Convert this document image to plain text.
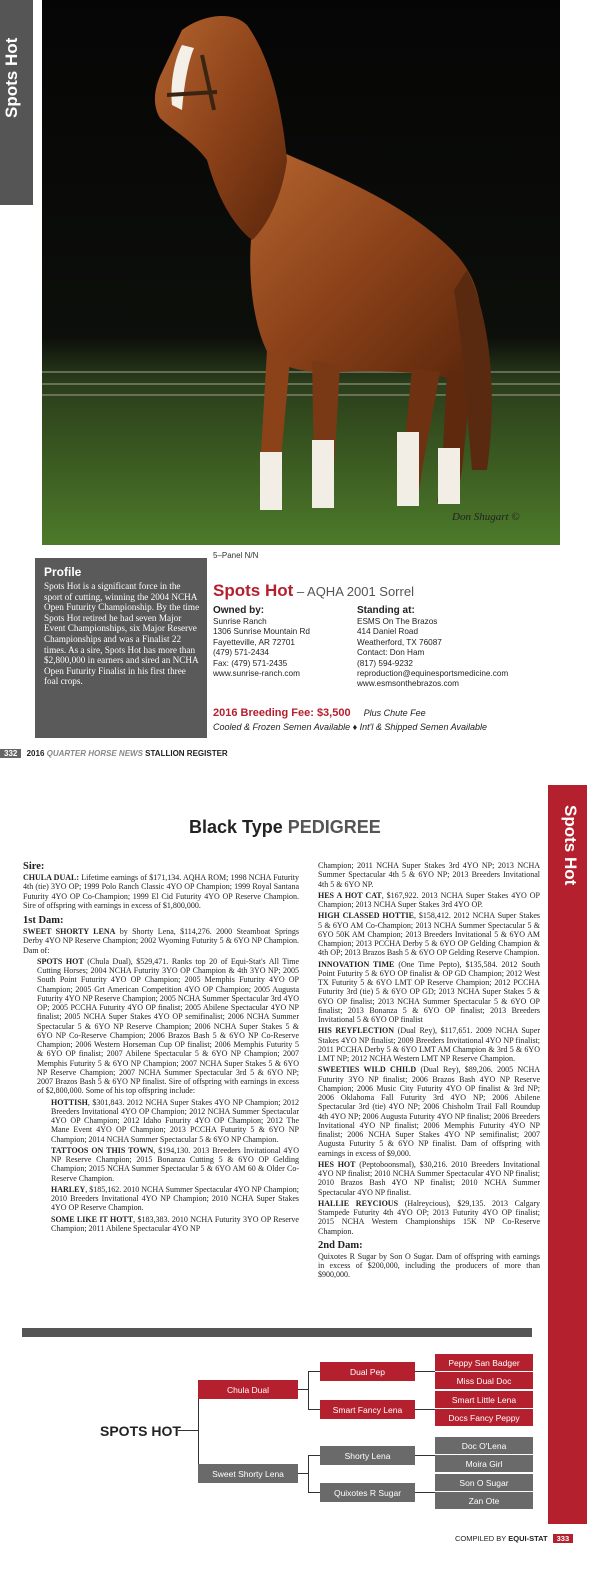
Spots Hot
Don Shugart ©
Profile

Spots Hot is a significant force in the sport of cutting, winning the 2004 NCHA Open Futurity Championship. By the time Spots Hot retired he had seven Major Event Championships, six Major Reserve Championships and was a Finalist 22 times. As a sire, Spots Hot has more than $2,800,000 in earners and sired an NCHA Open Futurity Finalist in his first three foal crops.

5–Panel N/N
Spots Hot – AQHA 2001 Sorrel
Owned by:
Sunrise Ranch
1306 Sunrise Mountain Rd
Fayetteville, AR 72701
(479) 571-2434
Fax: (479) 571-2435
www.sunrise-ranch.com
Standing at:
ESMS On The Brazos
414 Daniel Road
Weatherford, TX 76087
Contact: Don Ham
(817) 594-9232
reproduction@equinesportsmedicine.com
www.esmsonthebrazos.com
2016 Breeding Fee: $3,500 Plus Chute Fee
Cooled & Frozen Semen Available ♦ Int'l & Shipped Semen Available
332 2016 QUARTER HORSE NEWS STALLION REGISTER
Spots Hot
Black Type PEDIGREE
Sire:

CHULA DUAL: Lifetime earnings of $171,134. AQHA ROM; 1998 NCHA Futurity 4th (tie) 3YO OP; 1999 Polo Ranch Classic 4YO OP Champion; 1999 Royal Santana Futurity 4YO OP Co-Champion; 1999 El Cid Futurity 4YO OP Reserve Champion. Sire of offspring with earnings in excess of $1,800,000.

1st Dam:

SWEET SHORTY LENA by Shorty Lena, $114,276. 2000 Steamboat Springs Derby 4YO NP Reserve Champion; 2002 Wyoming Futurity 5 & 6YO NP Champion. Dam of:

SPOTS HOT (Chula Dual), $529,471. Ranks top 20 of Equi-Stat's All Time Cutting Horses; 2004 NCHA Futurity 3YO OP Champion & 4th 3YO NP; 2005 South Point Futurity 4YO OP Champion; 2005 Memphis Futurity 4YO OP Champion; 2005 Grt American Competition 4YO OP Champion; 2005 Augusta Futurity 4YO NP Reserve Champion; 2005 NCHA Summer Spectacular 3rd 4YO OP; 2005 PCCHA Futurity 4YO OP finalist; 2005 Abilene Spectacular 4YO NP finalist; 2005 NCHA Super Stakes 4YO OP semifinalist; 2006 NCHA Summer Spectacular 5 & 6YO NP Reserve Champion; 2006 NCHA Super Stakes 5 & 6YO NP Co-Reserve Champion; 2006 Brazos Bash 5 & 6YO NP Co-Reserve Champion; 2006 Western Horseman Cup OP finalist; 2006 Memphis Futurity 5 & 6YO OP finalist; 2007 Abilene Spectacular 5 & 6YO NP Champion; 2007 Memphis Futurity 5 & 6YO NP Champion; 2007 NCHA Super Stakes 5 & 6YO NP Reserve Champion; 2007 NCHA Summer Spectacular 3rd 5 & 6YO NP; 2007 Brazos Bash 5 & 6YO NP finalist. Sire of offspring with earnings in excess of $2,800,000. Some of his top offspring include:

HOTTISH, $301,843. 2012 NCHA Super Stakes 4YO NP Champion; 2012 Breeders Invitational 4YO OP Champion; 2012 NCHA Summer Spectacular 4YO OP Champion; 2012 Idaho Futurity 4YO OP Champion; 2012 The Mane Event 4YO OP Champion; 2013 PCCHA Futurity 5 & 6YO NP Champion; 2014 NCHA Summer Spectacular 5 & 6YO NP Champion.

TATTOOS ON THIS TOWN, $194,130. 2013 Breeders Invitational 4YO NP Reserve Champion; 2015 Bonanza Cutting 5 & 6YO OP Gelding Champion; 2015 NCHA Summer Spectacular 5 & 6YO AM 60 & Older Co-Reserve Champion.

HARLEY, $185,162. 2010 NCHA Summer Spectacular 4YO NP Champion; 2010 Breeders Invitational 4YO NP Champion; 2010 NCHA Super Stakes 4YO OP Reserve Champion.

SOME LIKE IT HOTT, $183,383. 2010 NCHA Futurity 3YO OP Reserve Champion; 2011 Abilene Spectacular 4YO NP

Champion; 2011 NCHA Super Stakes 3rd 4YO NP; 2013 NCHA Summer Spectacular 4th 5 & 6YO NP; 2013 Breeders Invitational 4th 5 & 6YO NP.

HES A HOT CAT, $167,922. 2013 NCHA Super Stakes 4YO OP Champion; 2013 NCHA Super Stakes 3rd 4YO OP.

HIGH CLASSED HOTTIE, $158,412. 2012 NCHA Super Stakes 5 & 6YO AM Co-Champion; 2013 NCHA Summer Spectacular 5 & 6YO 50K AM Champion; 2013 Breeders Invitational 5 & 6YO AM Champion; 2013 PCCHA Derby 5 & 6YO OP Gelding Champion & 4th OP; 2013 Brazos Bash 5 & 6YO OP Gelding Reserve Champion.

INNOVATION TIME (One Time Pepto), $135,584. 2012 South Point Futurity 5 & 6YO OP finalist & OP GD Champion; 2012 West TX Futurity 5 & 6YO LMT OP Reserve Champion; 2012 PCCHA Futurity 3rd (tie) 5 & 6YO OP GD; 2013 NCHA Super Stakes 5 & 6YO OP finalist; 2013 NCHA Summer Spectacular 5 & 6YO OP finalist; 2013 Bonanza 5 & 6YO OP finalist; 2013 Breeders Invitational 5 & 6YO OP finalist

HIS REYFLECTION (Dual Rey), $117,651. 2009 NCHA Super Stakes 4YO NP finalist; 2009 Breeders Invitational 4YO NP finalist; 2011 PCCHA Derby 5 & 6YO LMT AM Champion & 3rd 5 & 6YO LMT NP; 2012 NCHA Western LMT NP Reserve Champion.

SWEETIES WILD CHILD (Dual Rey), $89,206. 2005 NCHA Futurity 3YO NP finalist; 2006 Brazos Bash 4YO NP Reserve Champion; 2006 Music City Futurity 4YO OP finalist & 3rd NP; 2006 Oklahoma Fall Futurity 3rd 4YO NP; 2006 Abilene Spectacular 3rd (tie) 4YO NP; 2006 Chisholm Trail Fall Roundup 4th 4YO NP; 2006 Augusta Futurity 4YO NP finalist; 2006 Breeders Invitational 4YO NP finalist; 2006 Memphis Futurity 4YO NP finalist; 2006 NCHA Super Stakes 4YO NP semifinalist; 2007 Augusta Futurity 5 & 6YO NP finalist. Dam of offspring with earnings in excess of $9,000.

HES HOT (Peptoboonsmal), $30,216. 2010 Breeders Invitational 4YO NP finalist; 2010 NCHA Summer Spectacular 4YO NP finalist; 2010 Brazos Bash 4YO NP finalist; 2010 NCHA Summer Spectacular 4YO NP finalist.

HALLIE REYCIOUS (Halreycious), $29,135. 2013 Calgary Stampede Futurity 4th 4YO OP; 2013 Futurity 4YO OP finalist; 2015 NCHA Western Championships 15K NP Co-Reserve Champion.

2nd Dam:

Quixotes R Sugar by Son O Sugar. Dam of offspring with earnings in excess of $200,000, including the producers of more than $900,000.

SPOTS HOT
Chula Dual
Sweet Shorty Lena
Dual Pep
Smart Fancy Lena
Shorty Lena
Quixotes R Sugar
Peppy San Badger
Miss Dual Doc
Smart Little Lena
Docs Fancy Peppy
Doc O'Lena
Moira Girl
Son O Sugar
Zan Ote
COMPILED BY EQUI-STAT 333
